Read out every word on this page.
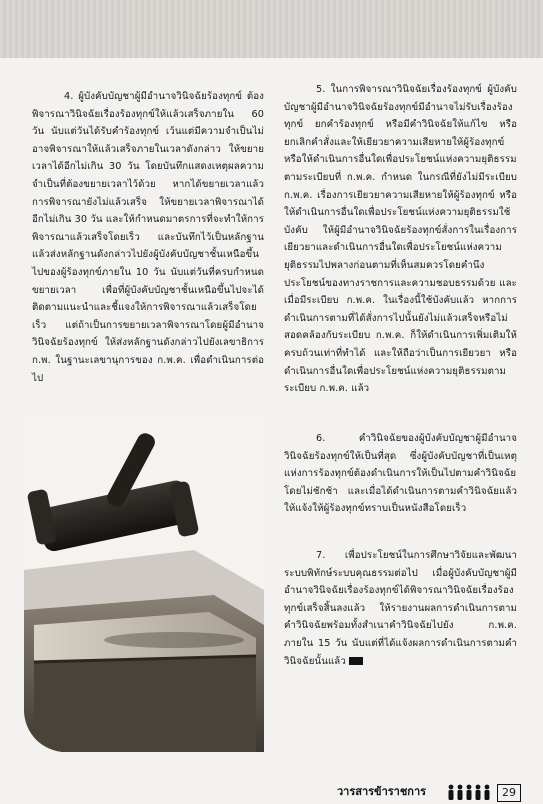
4. ผู้บังคับบัญชาผู้มีอำนาจวินิจฉัยร้องทุกข์ ต้องพิจารณาวินิจฉัยเรื่องร้องทุกข์ให้แล้วเสร็จภายใน 60 วัน นับแต่วันได้รับคำร้องทุกข์ เว้นแต่มีความจำเป็นไม่อาจพิจารณาให้แล้วเสร็จภายในเวลาดังกล่าว ให้ขยายเวลาได้อีกไม่เกิน 30 วัน โดยบันทึกแสดงเหตุผลความจำเป็นที่ต้องขยายเวลาไว้ด้วย หากได้ขยายเวลาแล้วการพิจารณายังไม่แล้วเสร็จ ให้ขยายเวลาพิจารณาได้อีกไม่เกิน 30 วัน และให้กำหนดมาตรการที่จะทำให้การพิจารณาแล้วเสร็จโดยเร็ว และบันทึกไว้เป็นหลักฐาน แล้วส่งหลักฐานดังกล่าวไปยังผู้บังคับบัญชาชั้นเหนือขึ้นไปของผู้ร้องทุกข์ภายใน 10 วัน นับแต่วันที่ครบกำหนดขยายเวลา เพื่อที่ผู้บังคับบัญชาชั้นเหนือขึ้นไปจะได้ติดตามแนะนำและชี้แจงให้การพิจารณาแล้วเสร็จโดยเร็ว แต่ถ้าเป็นการขยายเวลาพิจารณาโดยผู้มีอำนาจวินิจฉัยร้องทุกข์ ให้ส่งหลักฐานดังกล่าวไปยังเลขาธิการ ก.พ. ในฐานะเลขานุการของ ก.พ.ค. เพื่อดำเนินการต่อไป

5. ในการพิจารณาวินิจฉัยเรื่องร้องทุกข์ ผู้บังคับบัญชาผู้มีอำนาจวินิจฉัยร้องทุกข์มีอำนาจไม่รับเรื่องร้องทุกข์ ยกคำร้องทุกข์ หรือมีคำวินิจฉัยให้แก้ไข หรือยกเลิกคำสั่งและให้เยียวยาความเสียหายให้ผู้ร้องทุกข์ หรือให้ดำเนินการอื่นใดเพื่อประโยชน์แห่งความยุติธรรมตามระเบียบที่ ก.พ.ค. กำหนด ในกรณีที่ยังไม่มีระเบียบ ก.พ.ค. เรื่องการเยียวยาความเสียหายให้ผู้ร้องทุกข์ หรือให้ดำเนินการอื่นใดเพื่อประโยชน์แห่งความยุติธรรมใช้บังคับ ให้ผู้มีอำนาจวินิจฉัยร้องทุกข์สั่งการในเรื่องการเยียวยาและดำเนินการอื่นใดเพื่อประโยชน์แห่งความยุติธรรมไปพลางก่อนตามที่เห็นสมควรโดยคำนึงประโยชน์ของทางราชการและความชอบธรรมด้วย และเมื่อมีระเบียบ ก.พ.ค. ในเรื่องนี้ใช้บังคับแล้ว หากการดำเนินการตามที่ได้สั่งการไปนั้นยังไม่แล้วเสร็จหรือไม่สอดคล้องกับระเบียบ ก.พ.ค. ก็ให้ดำเนินการเพิ่มเติมให้ครบถ้วนเท่าที่ทำได้ และให้ถือว่าเป็นการเยียวยา หรือดำเนินการอื่นใดเพื่อประโยชน์แห่งความยุติธรรมตามระเบียบ ก.พ.ค. แล้ว

6. คำวินิจฉัยของผู้บังคับบัญชาผู้มีอำนาจวินิจฉัยร้องทุกข์ให้เป็นที่สุด ซึ่งผู้บังคับบัญชาที่เป็นเหตุแห่งการร้องทุกข์ต้องดำเนินการให้เป็นไปตามคำวินิจฉัยโดยไม่ชักช้า และเมื่อได้ดำเนินการตามคำวินิจฉัยแล้วให้แจ้งให้ผู้ร้องทุกข์ทราบเป็นหนังสือโดยเร็ว

7. เพื่อประโยชน์ในการศึกษาวิจัยและพัฒนาระบบพิทักษ์ระบบคุณธรรมต่อไป เมื่อผู้บังคับบัญชาผู้มีอำนาจวินิจฉัยเรื่องร้องทุกข์ได้พิจารณาวินิจฉัยเรื่องร้องทุกข์เสร็จสิ้นลงแล้ว ให้รายงานผลการดำเนินการตามคำวินิจฉัยพร้อมทั้งสำเนาคำวินิจฉัยไปยัง ก.พ.ค. ภายใน 15 วัน นับแต่ที่ได้แจ้งผลการดำเนินการตามคำวินิจฉัยนั้นแล้ว

วารสารข้าราชการ	29
